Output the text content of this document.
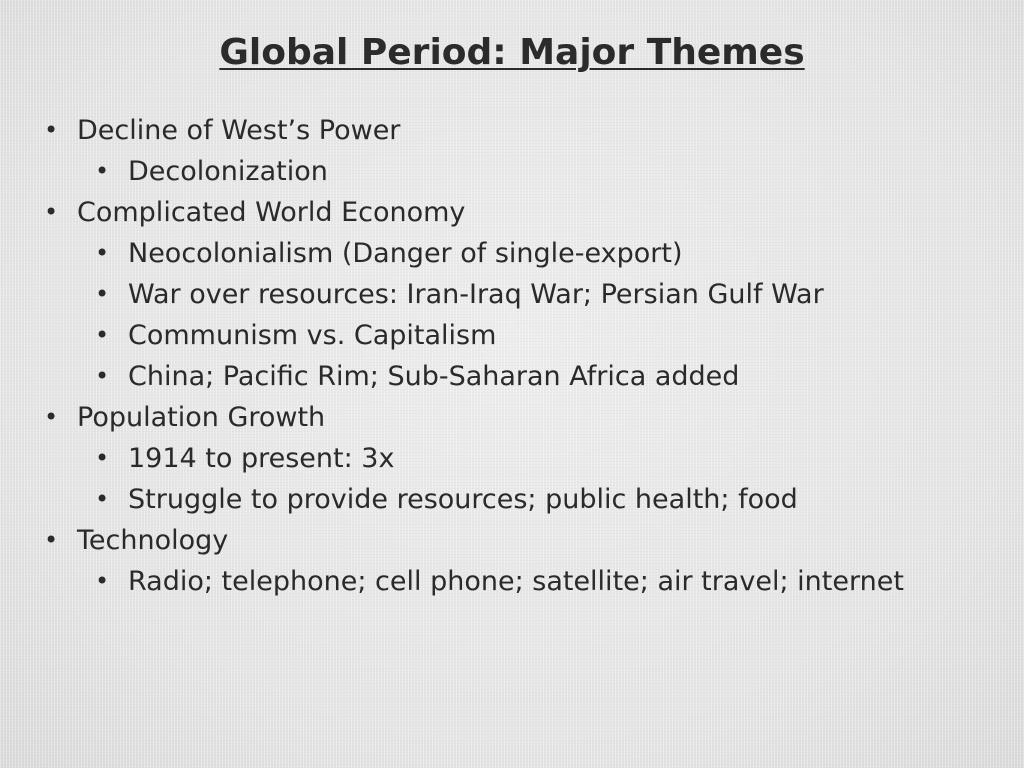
Global Period: Major Themes
• Decline of West’s Power
• Decolonization
• Complicated World Economy
• Neocolonialism (Danger of single-export)
• War over resources: Iran-Iraq War; Persian Gulf War
• Communism vs. Capitalism
• China; Pacific Rim; Sub-Saharan Africa added
• Population Growth
• 1914 to present: 3x
• Struggle to provide resources; public health; food
• Technology
• Radio; telephone; cell phone; satellite; air travel; internet
